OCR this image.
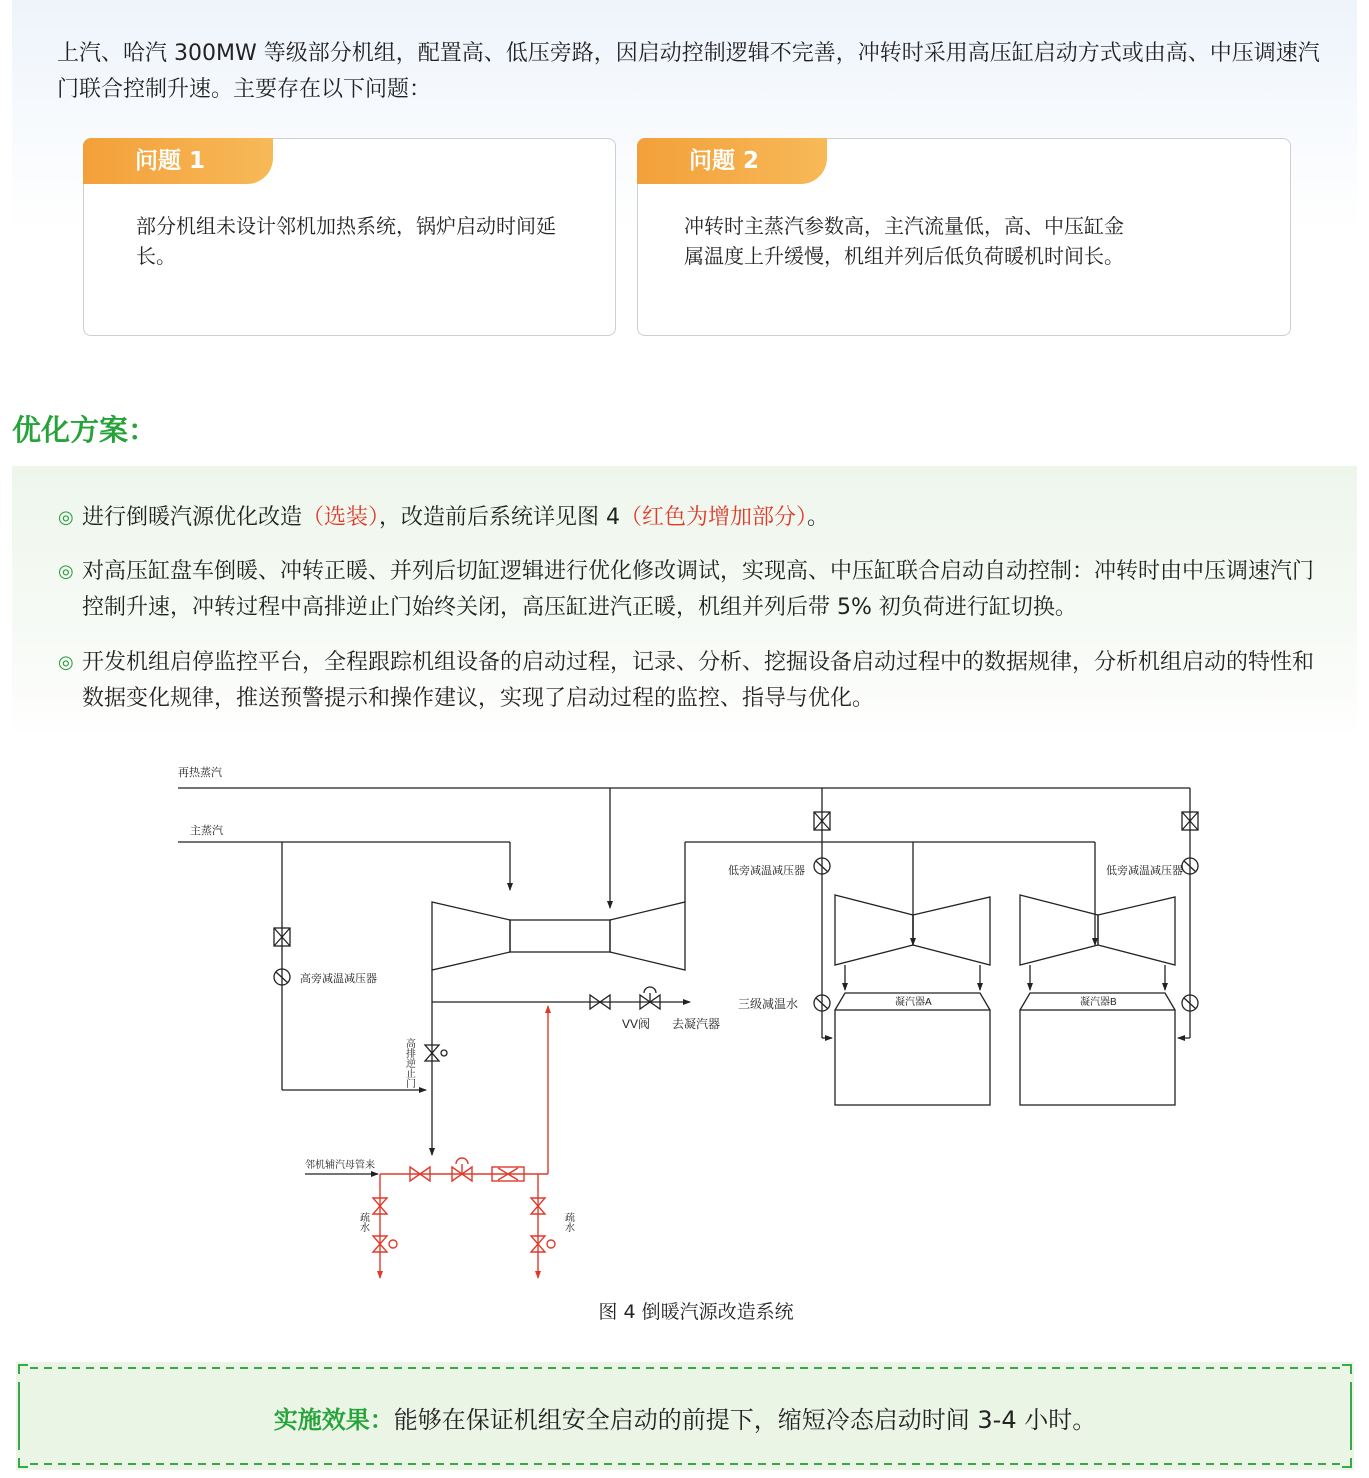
上汽、哈汽 300MW 等级部分机组，配置高、低压旁路，因启动控制逻辑不完善，冲转时采用高压缸启动方式或由高、中压调速汽门联合控制升速。主要存在以下问题：
问题 1
部分机组未设计邻机加热系统，锅炉启动时间延长。
问题 2
冲转时主蒸汽参数高，主汽流量低，高、中压缸金属温度上升缓慢，机组并列后低负荷暖机时间长。
优化方案：
◎ 进行倒暖汽源优化改造（选装），改造前后系统详见图 4（红色为增加部分）。
◎ 对高压缸盘车倒暖、冲转正暖、并列后切缸逻辑进行优化修改调试，实现高、中压缸联合启动自动控制：冲转时由中压调速汽门控制升速，冲转过程中高排逆止门始终关闭，高压缸进汽正暖，机组并列后带 5% 初负荷进行缸切换。
◎ 开发机组启停监控平台，全程跟踪机组设备的启动过程，记录、分析、挖掘设备启动过程中的数据规律，分析机组启动的特性和数据变化规律，推送预警提示和操作建议，实现了启动过程的监控、指导与优化。
再热蒸汽
主蒸汽
高旁减温减压器
低旁减温减压器	低旁减温减压器
三级减温水	凝汽器A	凝汽器B
VV阀 去凝汽器
邻机辅汽母管来
高排逆止门
疏水	疏水
图 4 倒暖汽源改造系统
实施效果：能够在保证机组安全启动的前提下，缩短冷态启动时间 3-4 小时。
